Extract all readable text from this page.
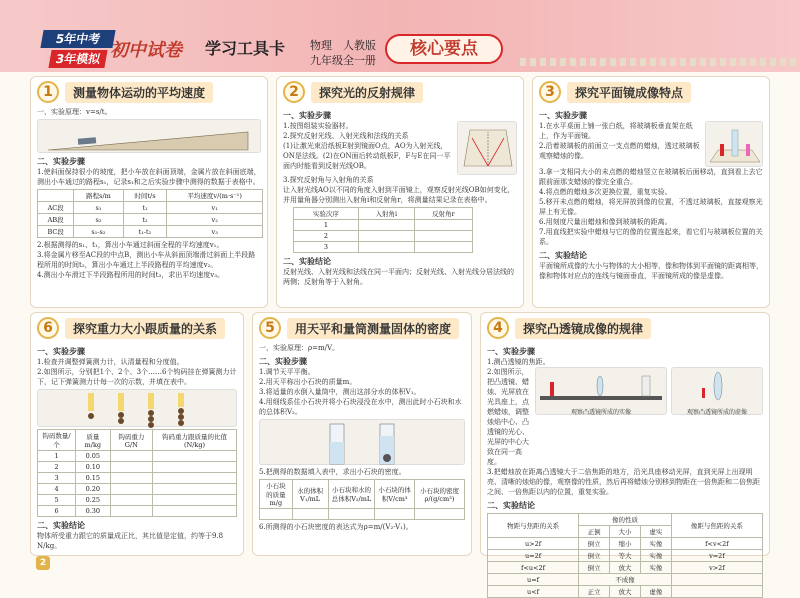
5年中考
3年模拟 初中试卷 学习工具卡 物理　人教版
九年级全一册
核心要点
1	测量物体运动的平均速度
一、实验原理：v=s/t。
二、实验步骤
1.使斜面保持很小的坡度，把小车放在斜面顶端，金属片放在斜面底端，测出小车通过的路程s₁，记录s₁和之后实验步骤中测得的数据于表格中。
	路程s/m	时间t/s	平均速度v/(m·s⁻¹)
AC段	s₁	t₁	v₁
AB段	s₂	t₂	v₂
BC段	s₁-s₂	t₁-t₂	v₃
2.根据测得的s₁、t₁，算出小车通过斜面全程的平均速度v₁。
3.将金属片移至AC段的中点B，测出小车从斜面顶端滑过斜面上半段路程所用的时间t₂，算出小车通过上半段路程的平均速度v₂。
4.测出小车滑过下半段路程所用的时间t₃，求出平均速度v₃。
2	探究光的反射规律
一、实验步骤
1.按图组装实验器材。
2.探究反射光线、入射光线和法线的关系
(1)让激光束沿纸板E射到镜面O点，AO为入射光线，ON是法线。(2)在ON面后转动纸板F，F与E在同一平面内时能看到反射光线OB。
3.探究反射角与入射角的关系
让入射光线AO以不同的角度入射到平面镜上，观察反射光线OB如何变化，并用量角器分别测出入射角i和反射角r，将测量结果记录在表格中。
实验次序	入射角i	反射角r
1		
2		
3		
二、实验结论
反射光线、入射光线和法线在同一平面内；反射光线、入射光线分居法线的两侧；反射角等于入射角。
3	探究平面镜成像特点
一、实验步骤
1.在水平桌面上铺一张白纸，将玻璃板垂直架在纸上，作为平面镜。
2.沿着玻璃板的前面立一支点燃的蜡烛，透过玻璃板观察蜡烛的像。
3.拿一支相同大小的未点燃的蜡烛竖立在玻璃板后面移动，直到看上去它跟前面那支蜡烛的像完全重合。
4.将点燃的蜡烛多次更换位置，重复实验。
5.移开未点燃的蜡烛，将光屏放到像的位置，不透过玻璃板，直接观察光屏上有无像。
6.用刻度尺量出蜡烛和像到玻璃板的距离。
7.用直线把实验中蜡烛与它的像的位置连起来，看它们与玻璃板位置的关系。
二、实验结论
平面镜所成像的大小与物体的大小相等，像和物体到平面镜的距离相等，像和物体对应点的连线与镜面垂直，平面镜所成的像是虚像。
6	探究重力大小跟质量的关系
一、实验步骤
1.检查并调整弹簧测力计，认清量程和分度值。
2.如图所示，分别把1个、2个、3个……6个钩码挂在弹簧测力计下，记下弹簧测力计每一次的示数，并填在表中。
钩码数量/个	质量m/kg	钩码重力G/N	钩码重力跟质量的比值(N/kg)
1	0.05		
2	0.10		
3	0.15		
4	0.20		
5	0.25		
6	0.30		
二、实验结论
物体所受重力跟它的质量成正比，其比值是定值，约等于9.8 N/kg。
5	用天平和量筒测量固体的密度
一、实验原理：ρ=m/V。
二、实验步骤
1.调节天平平衡。
2.用天平称出小石块的质量m。
3.将适量的水倒入量筒中，测出这部分水的体积V₁。
4.用细线系住小石块并将小石块浸没在水中，测出此时小石块和水的总体积V₂。
5.把测得的数据填入表中，求出小石块的密度。
小石块的质量m/g	水的体积V₁/mL	小石块和水的总体积V₂/mL	小石块的体积V/cm³	小石块的密度ρ/(g/cm³)

6.所测得的小石块密度的表达式为ρ=m/(V₂-V₁)。
4	探究凸透镜成像的规律
一、实验步骤
1.测凸透镜的焦距。
2.如图所示，把凸透镜、蜡烛、光屏放在光具座上，点燃蜡烛，调整烛焰中心、凸透镜的光心、光屏的中心大致在同一高度。
观察凸透镜所成的实像	观察凸透镜所成的虚像
3.把蜡烛放在距离凸透镜大于二倍焦距的地方，沿光具座移动光屏，直到光屏上出现明亮、清晰的烛焰的像，观察像的性质，然后再将蜡烛分别移到物距在一倍焦距和二倍焦距之间、一倍焦距以内的位置，重复实验。
二、实验结论
物距与焦距的关系	像的性质			像距与焦距的关系
	正倒	大小	虚实	
u>2f	倒立	缩小	实像	f<v<2f
u=2f	倒立	等大	实像	v=2f
f<u<2f	倒立	放大	实像	v>2f
u=f	不成像			
u<f	正立	放大	虚像	
2
